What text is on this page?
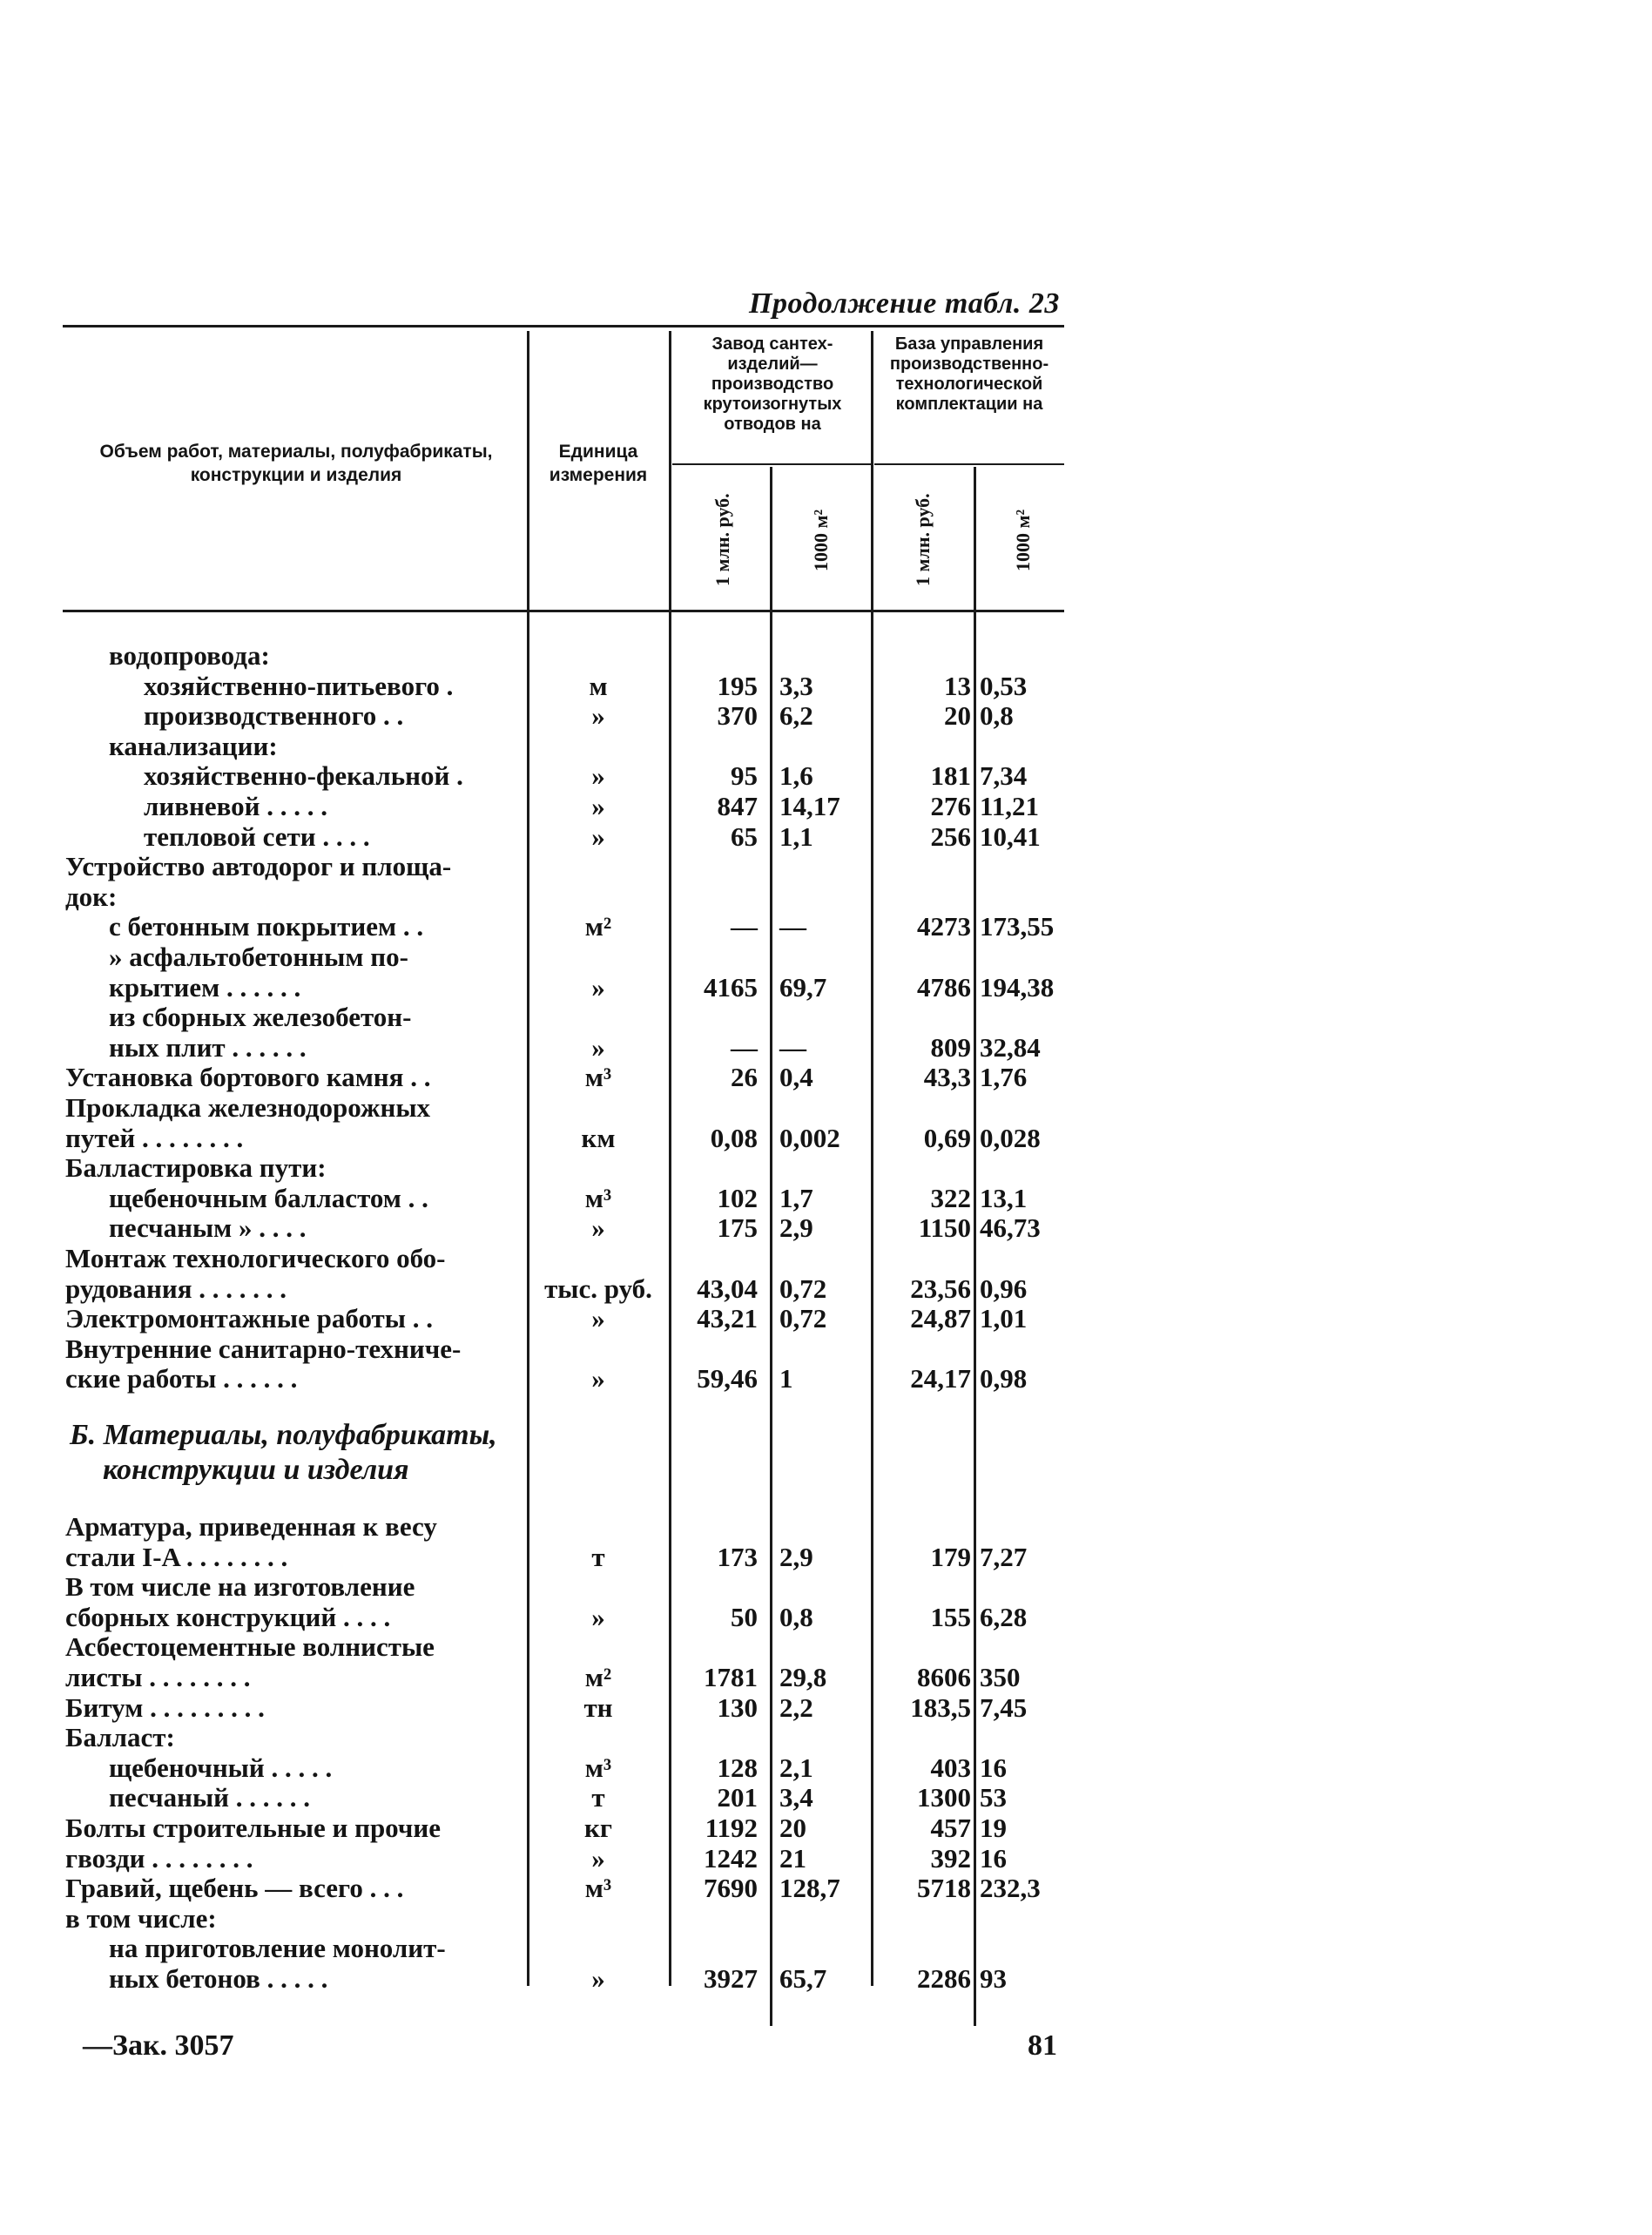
Продолжение табл. 23
Объем работ, материалы, полуфабрикаты, конструкции и изделия
Единица измерения
Завод сантех-изделий—производство крутоизогнутых отводов на
База управления производственно-технологической комплектации на
1 млн. руб.	1000 м²	1 млн. руб.	1000 м²
водопровода:
хозяйственно-питьевого .	м	195 3,3	13 0,53
производственного . .	»	370 6,2	20 0,8
канализации:
хозяйственно-фекальной .	»	95 1,6	181 7,34
ливневой . . . . .	»	847 14,17	276 11,21
тепловой сети . . . .	»	65 1,1	256 10,41
Устройство автодорог и площа-
док:
с бетонным покрытием . .	м²	— —	4273 173,55
» асфальтобетонным по-
крытием . . . . . .	»	4165 69,7	4786 194,38
из сборных железобетон-
ных плит . . . . . .	»	— —	809 32,84
Установка бортового камня . .	м³	26 0,4	43,3 1,76
Прокладка железнодорожных
путей . . . . . . . .	км	0,08 0,002	0,69 0,028
Балластировка пути:
щебеночным балластом . .	м³	102 1,7	322 13,1
песчаным » . . . .	»	175 2,9	1150 46,73
Монтаж технологического обо-
рудования . . . . . . .	тыс. руб.	43,04 0,72	23,56 0,96
Электромонтажные работы . .	»	43,21 0,72	24,87 1,01
Внутренние санитарно-техниче-
ские работы . . . . . .	»	59,46 1	24,17 0,98
Б. Материалы, полуфабрикаты,
конструкции и изделия
Арматура, приведенная к весу
стали I-A . . . . . . . .	т	173 2,9	179 7,27
В том числе на изготовление
сборных конструкций . . . .	»	50 0,8	155 6,28
Асбестоцементные волнистые
листы . . . . . . . .	м²	1781 29,8	8606 350
Битум . . . . . . . . .	тн	130 2,2	183,5 7,45
Балласт:
щебеночный . . . . .	м³	128 2,1	403 16
песчаный . . . . . .	т	201 3,4	1300 53
Болты строительные и прочие	кг	1192 20	457 19
гвозди . . . . . . . .	»	1242 21	392 16
Гравий, щебень — всего . . .	м³	7690 128,7	5718 232,3
в том числе:
на приготовление монолит-
ных бетонов . . . . .	»	3927 65,7	2286 93
—Зак. 3057	81
